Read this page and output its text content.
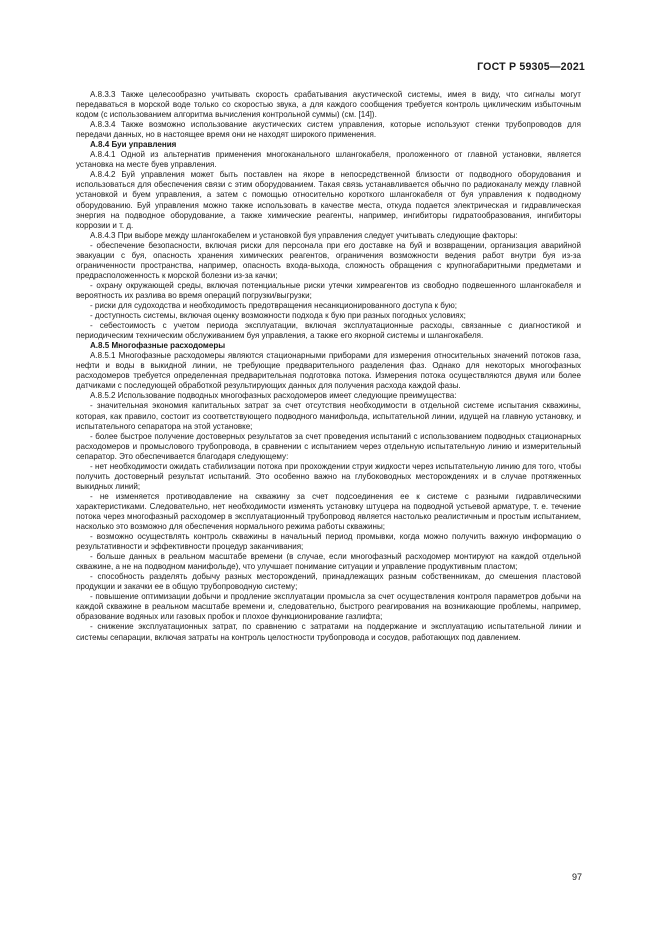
ГОСТ Р 59305—2021

А.8.3.3 Также целесообразно учитывать скорость срабатывания акустической системы, имея в виду, что сигналы могут передаваться в морской воде только со скоростью звука, а для каждого сообщения требуется контроль циклическим избыточным кодом (с использованием алгоритма вычисления контрольной суммы) (см. [14]).

А.8.3.4 Также возможно использование акустических систем управления, которые используют стенки трубопроводов для передачи данных, но в настоящее время они не находят широкого применения.

А.8.4 Буи управления

А.8.4.1 Одной из альтернатив применения многоканального шлангокабеля, проложенного от главной установки, является установка на месте буев управления.

А.8.4.2 Буй управления может быть поставлен на якоре в непосредственной близости от подводного оборудования и использоваться для обеспечения связи с этим оборудованием. Такая связь устанавливается обычно по радиоканалу между главной установкой и буем управления, а затем с помощью относительно короткого шлангокабеля от буя управления к подводному оборудованию. Буй управления можно также использовать в качестве места, откуда подается электрическая и гидравлическая энергия на подводное оборудование, а также химические реагенты, например, ингибиторы гидратообразования, ингибиторы коррозии и т. д.

А.8.4.3 При выборе между шлангокабелем и установкой буя управления следует учитывать следующие факторы:

- обеспечение безопасности, включая риски для персонала при его доставке на буй и возвращении, организация аварийной эвакуации с буя, опасность хранения химических реагентов, ограничения возможности ведения работ внутри буя из-за ограниченности пространства, например, опасность входа-выхода, сложность обращения с крупногабаритными предметами и предрасположенность к морской болезни из-за качки;

- охрану окружающей среды, включая потенциальные риски утечки химреагентов из свободно подвешенного шлангокабеля и вероятность их разлива во время операций погрузки/выгрузки;

- риски для судоходства и необходимость предотвращения несанкционированного доступа к бую;

- доступность системы, включая оценку возможности подхода к бую при разных погодных условиях;

- себестоимость с учетом периода эксплуатации, включая эксплуатационные расходы, связанные с диагностикой и периодическим техническим обслуживанием буя управления, а также его якорной системы и шлангокабеля.

А.8.5 Многофазные расходомеры

А.8.5.1 Многофазные расходомеры являются стационарными приборами для измерения относительных значений потоков газа, нефти и воды в выкидной линии, не требующие предварительного разделения фаз. Однако для некоторых многофазных расходомеров требуется определенная предварительная подготовка потока. Измерения потока осуществляются двумя или более датчиками с последующей обработкой результирующих данных для получения расхода каждой фазы.

А.8.5.2 Использование подводных многофазных расходомеров имеет следующие преимущества:

- значительная экономия капитальных затрат за счет отсутствия необходимости в отдельной системе испытания скважины, которая, как правило, состоит из соответствующего подводного манифольда, испытательной линии, идущей на главную установку, и испытательного сепаратора на этой установке;

- более быстрое получение достоверных результатов за счет проведения испытаний с использованием подводных стационарных расходомеров и промыслового трубопровода, в сравнении с испытанием через отдельную испытательную линию и измерительный сепаратор. Это обеспечивается благодаря следующему:

- нет необходимости ожидать стабилизации потока при прохождении струи жидкости через испытательную линию для того, чтобы получить достоверный результат испытаний. Это особенно важно на глубоководных месторождениях и в случае протяженных выкидных линий;

- не изменяется противодавление на скважину за счет подсоединения ее к системе с разными гидравлическими характеристиками. Следовательно, нет необходимости изменять установку штуцера на подводной устьевой арматуре, т. е. течение потока через многофазный расходомер в эксплуатационный трубопровод является настолько реалистичным и простым испытанием, насколько это возможно для обеспечения нормального режима работы скважины;

- возможно осуществлять контроль скважины в начальный период промывки, когда можно получить важную информацию о результативности и эффективности процедур заканчивания;

- больше данных в реальном масштабе времени (в случае, если многофазный расходомер монтируют на каждой отдельной скважине, а не на подводном манифольде), что улучшает понимание ситуации и управление продуктивным пластом;

- способность разделять добычу разных месторождений, принадлежащих разным собственникам, до смешения пластовой продукции и закачки ее в общую трубопроводную систему;

- повышение оптимизации добычи и продление эксплуатации промысла за счет осуществления контроля параметров добычи на каждой скважине в реальном масштабе времени и, следовательно, быстрого реагирования на возникающие проблемы, например, образование водяных или газовых пробок и плохое функционирование газлифта;

- снижение эксплуатационных затрат, по сравнению с затратами на поддержание и эксплуатацию испытательной линии и системы сепарации, включая затраты на контроль целостности трубопровода и сосудов, работающих под давлением.

97
